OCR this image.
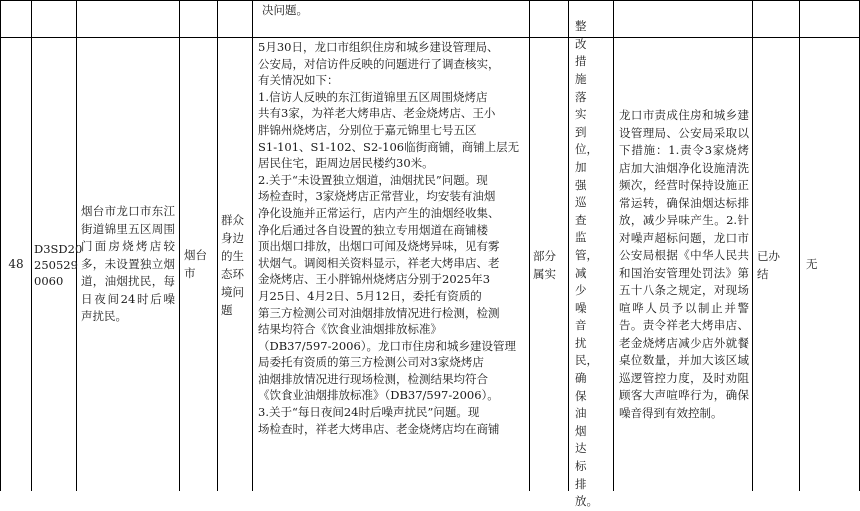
决问题。
48
D3SD20
250529
0060
烟台市龙口市东江街道锦里五区周围门面房烧烤店较多，未设置独立烟道，油烟扰民，每日夜间24时后噪声扰民。
烟台市
群众身边的生态环境问题
5月30日，龙口市组织住房和城乡建设管理局、
公安局，对信访件反映的问题进行了调查核实，
有关情况如下：
1.信访人反映的东江街道锦里五区周围烧烤店
共有3家，为祥老大烤串店、老金烧烤店、王小
胖锦州烧烤店，分别位于嘉元锦里七号五区
S1-101、S1-102、S2-106临街商铺，商铺上层无
居民住宅，距周边居民楼约30米。
2.关于“未设置独立烟道，油烟扰民”问题。现
场检查时，3家烧烤店正常营业，均安装有油烟
净化设施并正常运行，店内产生的油烟经收集、
净化后通过各自设置的独立专用烟道在商铺楼
顶出烟口排放，出烟口可闻及烧烤异味，见有雾
状烟气。调阅相关资料显示，祥老大烤串店、老
金烧烤店、王小胖锦州烧烤店分别于2025年3
月25日、4月2日、5月12日，委托有资质的
第三方检测公司对油烟排放情况进行检测，检测
结果均符合《饮食业油烟排放标准》
（DB37/597-2006）。龙口市住房和城乡建设管理
局委托有资质的第三方检测公司对3家烧烤店
油烟排放情况进行现场检测，检测结果均符合
《饮食业油烟排放标准》（DB37/597-2006）。
3.关于“每日夜间24时后噪声扰民”问题。现
场检查时，祥老大烤串店、老金烧烤店均在商铺
部分属实
整改措施落实到位，加强巡查监管，减少噪音扰民，确保油烟达标排放。
龙口市责成住房和城乡建设管理局、公安局采取以下措施：1.责令3家烧烤店加大油烟净化设施清洗频次，经营时保持设施正常运转，确保油烟达标排放，减少异味产生。2.针对噪声超标问题，龙口市公安局根据《中华人民共和国治安管理处罚法》第五十八条之规定，对现场喧哗人员予以制止并警告。责令祥老大烤串店、老金烧烤店减少店外就餐桌位数量，并加大该区域巡逻管控力度，及时劝阻顾客大声喧哗行为，确保噪音得到有效控制。
已办结
无
